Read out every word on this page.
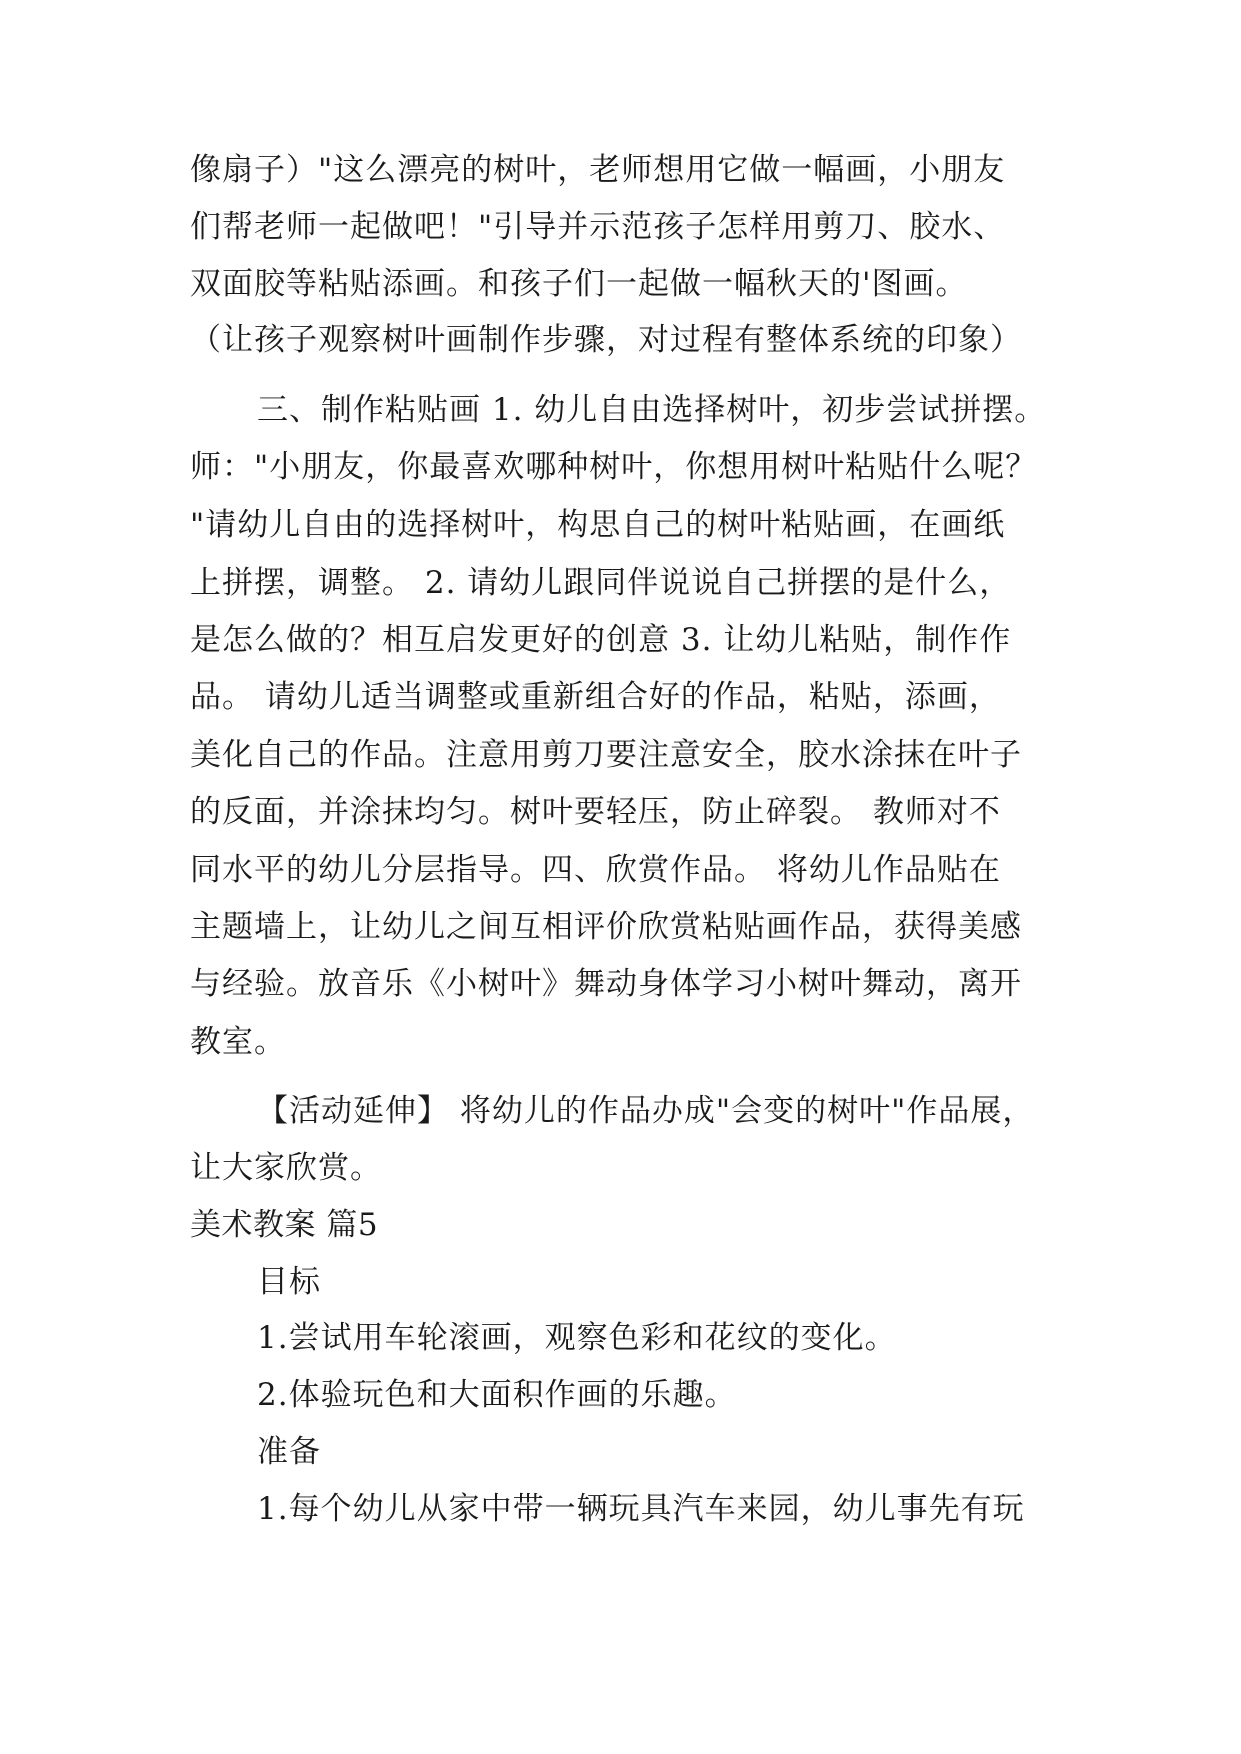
像扇子）"这么漂亮的树叶，老师想用它做一幅画，小朋友
们帮老师一起做吧！"引导并示范孩子怎样用剪刀、胶水、
双面胶等粘贴添画。和孩子们一起做一幅秋天的'图画。
（让孩子观察树叶画制作步骤，对过程有整体系统的印象）
三、制作粘贴画 1. 幼儿自由选择树叶，初步尝试拼摆。
师："小朋友，你最喜欢哪种树叶，你想用树叶粘贴什么呢？
"请幼儿自由的选择树叶，构思自己的树叶粘贴画，在画纸
上拼摆，调整。 2. 请幼儿跟同伴说说自己拼摆的是什么，
是怎么做的？相互启发更好的创意 3. 让幼儿粘贴，制作作
品。 请幼儿适当调整或重新组合好的作品，粘贴，添画，
美化自己的作品。注意用剪刀要注意安全，胶水涂抹在叶子
的反面，并涂抹均匀。树叶要轻压，防止碎裂。 教师对不
同水平的幼儿分层指导。四、欣赏作品。 将幼儿作品贴在
主题墙上，让幼儿之间互相评价欣赏粘贴画作品，获得美感
与经验。放音乐《小树叶》舞动身体学习小树叶舞动，离开
教室。
【活动延伸】 将幼儿的作品办成"会变的树叶"作品展，
让大家欣赏。
美术教案 篇5
目标
1.尝试用车轮滚画，观察色彩和花纹的变化。
2.体验玩色和大面积作画的乐趣。
准备
1.每个幼儿从家中带一辆玩具汽车来园，幼儿事先有玩
